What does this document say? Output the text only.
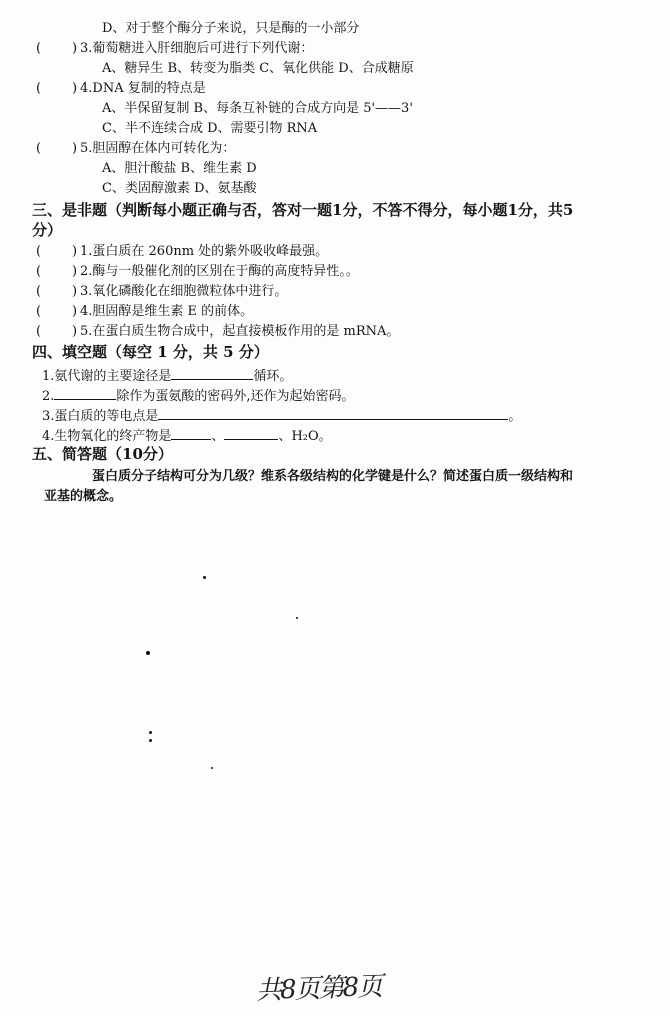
D、对于整个酶分子来说，只是酶的一小部分
( ) 3.葡萄糖进入肝细胞后可进行下列代谢：
A、糖异生 B、转变为脂类 C、氧化供能 D、合成糖原
( ) 4.DNA 复制的特点是
A、半保留复制 B、每条互补链的合成方向是 5'——3'
C、半不连续合成 D、需要引物 RNA
( ) 5.胆固醇在体内可转化为：
A、胆汁酸盐 B、维生素 D
C、类固醇激素 D、氨基酸
三、是非题（判断每小题正确与否，答对一题1分，不答不得分，每小题1分，共5
分）
( ) 1.蛋白质在 260nm 处的紫外吸收峰最强。
( ) 2.酶与一般催化剂的区别在于酶的高度特异性。。
( ) 3.氧化磷酸化在细胞微粒体中进行。
( ) 4.胆固醇是维生素 E 的前体。
( ) 5.在蛋白质生物合成中，起直接模板作用的是 mRNA。
四、填空题（每空 1 分，共 5 分）
1.氨代谢的主要途径是	循环。
2.	除作为蛋氨酸的密码外,还作为起始密码。
3.蛋白质的等电点是	。
4.生物氧化的终产物是	、	、H₂O。
五、简答题（10分）
蛋白质分子结构可分为几级？维系各级结构的化学键是什么？简述蛋白质一级结构和
亚基的概念。
共8页第8页
